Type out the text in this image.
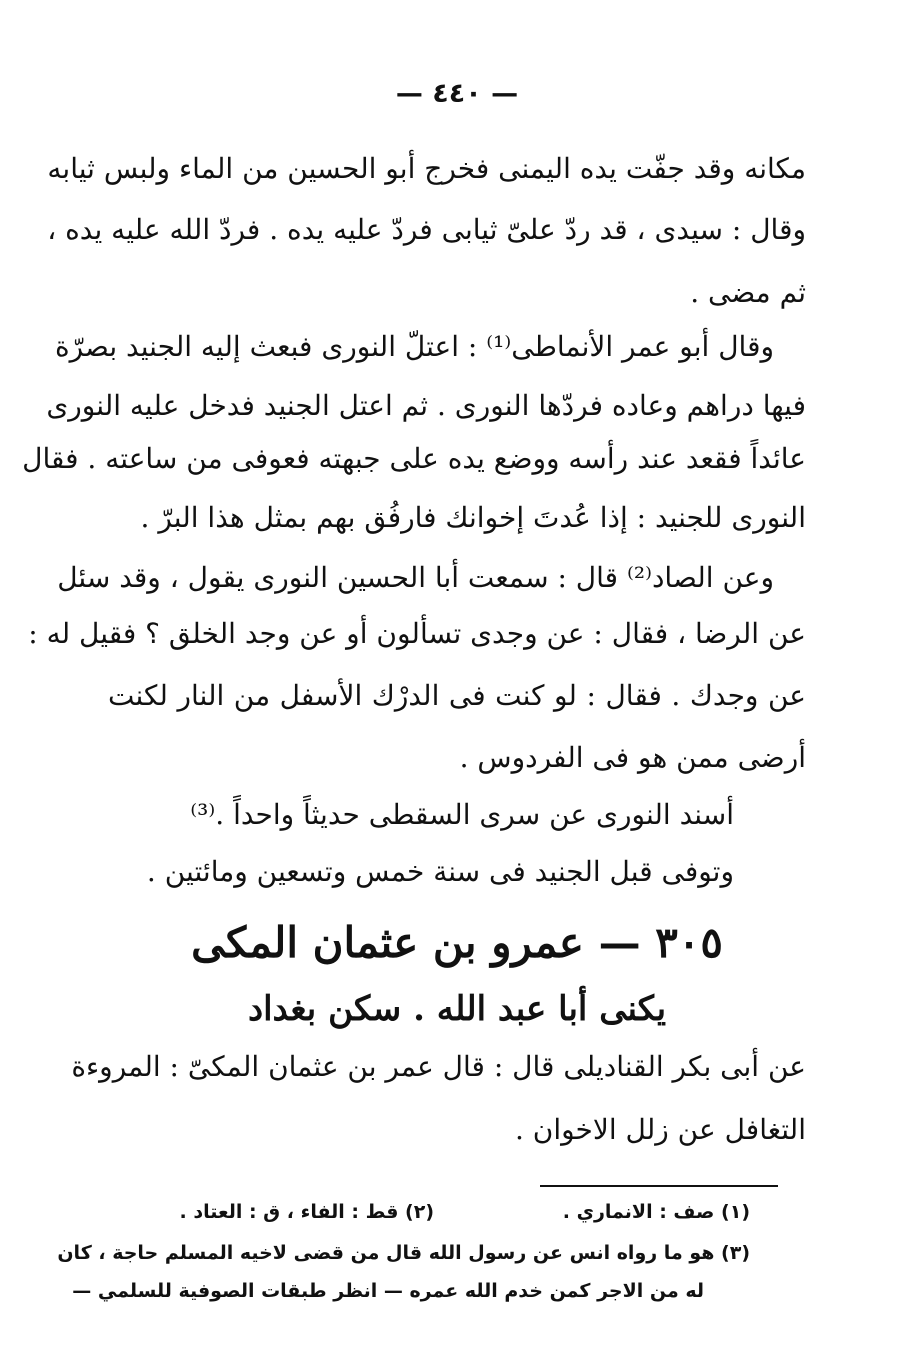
— ٤٤٠ —
مكانه وقد جفّت يده اليمنى فخرج أبو الحسين من الماء ولبس ثيابه
وقال : سيدى ، قد ردّ علىّ ثيابى فردّ عليه يده . فردّ الله عليه يده ،
ثم مضى .
وقال أبو عمر الأنماطى⁽¹⁾ : اعتلّ النورى فبعث إليه الجنيد بصرّة
فيها دراهم وعاده فردّها النورى . ثم اعتل الجنيد فدخل عليه النورى
عائداً فقعد عند رأسه ووضع يده على جبهته فعوفى من ساعته . فقال
النورى للجنيد : إذا عُدتَ إخوانك فارفُق بهم بمثل هذا البرّ .
وعن الصاد⁽²⁾ قال : سمعت أبا الحسين النورى يقول ، وقد سئل
عن الرضا ، فقال : عن وجدى تسألون أو عن وجد الخلق ؟ فقيل له :
عن وجدك . فقال : لو كنت فى الدرْك الأسفل من النار لكنت
أرضى ممن هو فى الفردوس .
أسند النورى عن سرى السقطى حديثاً واحداً .⁽³⁾
وتوفى قبل الجنيد فى سنة خمس وتسعين ومائتين .
٣٠٥ — عمرو بن عثمان المكى
يكنى أبا عبد الله . سكن بغداد
عن أبى بكر القناديلى قال : قال عمر بن عثمان المكىّ : المروءة
التغافل عن زلل الاخوان .
(١) صف : الانماري .
(٢) قط : الفاء ، ق : العتاد .
(٣) هو ما رواه انس عن رسول الله قال من قضى لاخيه المسلم حاجة ، كان
له من الاجر كمن خدم الله عمره — انظر طبقات الصوفية للسلمي —
